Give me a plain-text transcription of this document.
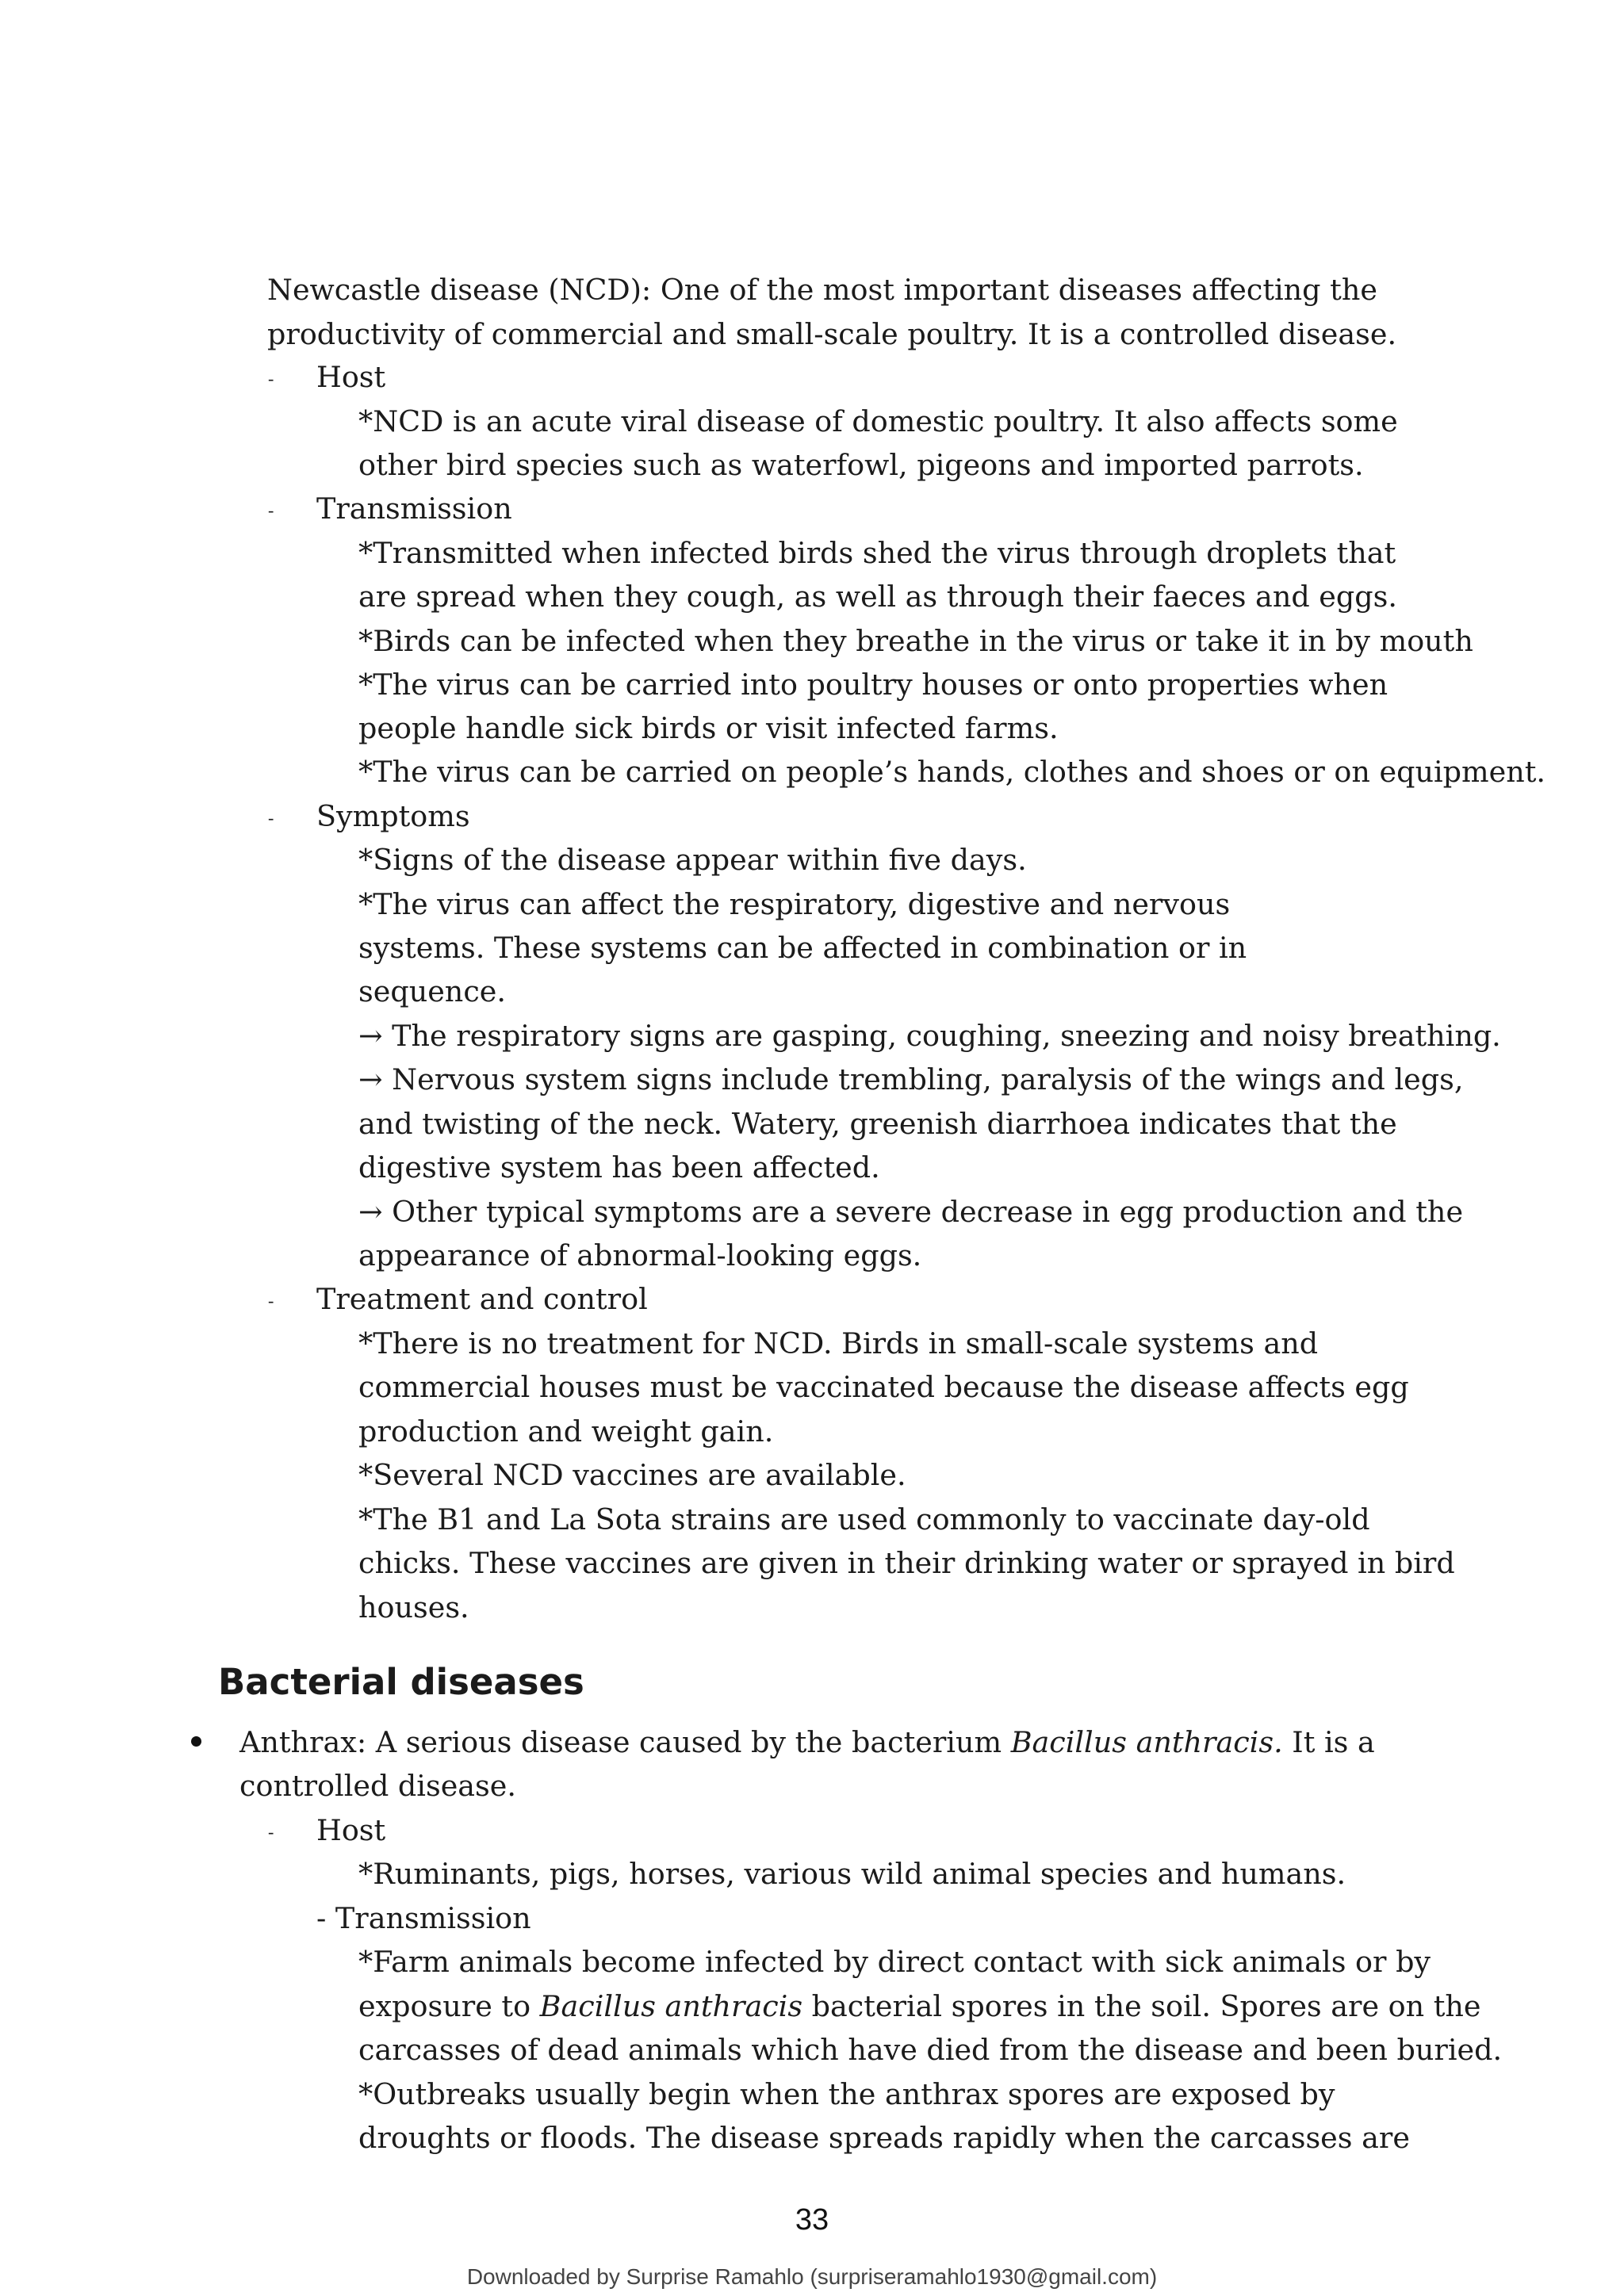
Newcastle disease (NCD): One of the most important diseases affecting the
productivity of commercial and small-scale poultry. It is a controlled disease.
- Host
*NCD is an acute viral disease of domestic poultry. It also affects some
other bird species such as waterfowl, pigeons and imported parrots.
- Transmission
*Transmitted when infected birds shed the virus through droplets that
are spread when they cough, as well as through their faeces and eggs.
*Birds can be infected when they breathe in the virus or take it in by mouth
*The virus can be carried into poultry houses or onto properties when
people handle sick birds or visit infected farms.
*The virus can be carried on people’s hands, clothes and shoes or on equipment.
- Symptoms
*Signs of the disease appear within five days.
*The virus can affect the respiratory, digestive and nervous
systems. These systems can be affected in combination or in
sequence.
→ The respiratory signs are gasping, coughing, sneezing and noisy breathing.
→ Nervous system signs include trembling, paralysis of the wings and legs,
and twisting of the neck. Watery, greenish diarrhoea indicates that the
digestive system has been affected.
→ Other typical symptoms are a severe decrease in egg production and the
appearance of abnormal-looking eggs.
- Treatment and control
*There is no treatment for NCD. Birds in small-scale systems and
commercial houses must be vaccinated because the disease affects egg
production and weight gain.
*Several NCD vaccines are available.
*The B1 and La Sota strains are used commonly to vaccinate day-old
chicks. These vaccines are given in their drinking water or sprayed in bird
houses.
Bacterial diseases
Anthrax: A serious disease caused by the bacterium Bacillus anthracis. It is a
controlled disease.
- Host
*Ruminants, pigs, horses, various wild animal species and humans.
- Transmission
*Farm animals become infected by direct contact with sick animals or by
exposure to Bacillus anthracis bacterial spores in the soil. Spores are on the
carcasses of dead animals which have died from the disease and been buried.
*Outbreaks usually begin when the anthrax spores are exposed by
droughts or floods. The disease spreads rapidly when the carcasses are
33
Downloaded by Surprise Ramahlo (surpriseramahlo1930@gmail.com)
